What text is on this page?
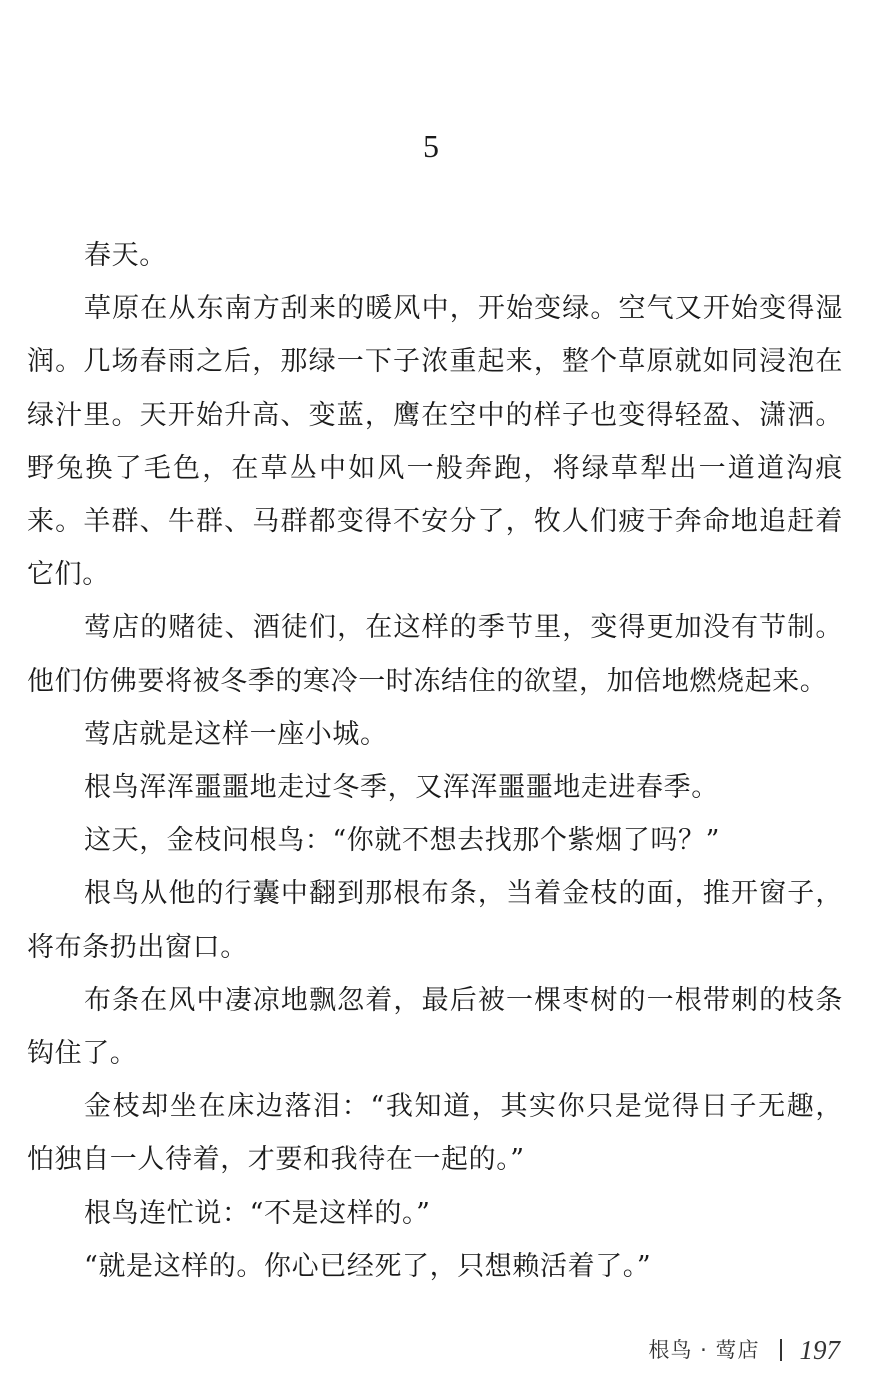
5

春天。

草原在从东南方刮来的暖风中，开始变绿。空气又开始变得湿润。几场春雨之后，那绿一下子浓重起来，整个草原就如同浸泡在绿汁里。天开始升高、变蓝，鹰在空中的样子也变得轻盈、潇洒。野兔换了毛色，在草丛中如风一般奔跑，将绿草犁出一道道沟痕来。羊群、牛群、马群都变得不安分了，牧人们疲于奔命地追赶着它们。

莺店的赌徒、酒徒们，在这样的季节里，变得更加没有节制。他们仿佛要将被冬季的寒冷一时冻结住的欲望，加倍地燃烧起来。

莺店就是这样一座小城。

根鸟浑浑噩噩地走过冬季，又浑浑噩噩地走进春季。

这天，金枝问根鸟：“你就不想去找那个紫烟了吗？”

根鸟从他的行囊中翻到那根布条，当着金枝的面，推开窗子，将布条扔出窗口。

布条在风中凄凉地飘忽着，最后被一棵枣树的一根带刺的枝条钩住了。

金枝却坐在床边落泪：“我知道，其实你只是觉得日子无趣，怕独自一人待着，才要和我待在一起的。”

根鸟连忙说：“不是这样的。”

“就是这样的。你心已经死了，只想赖活着了。”

根鸟 · 莺店 197
